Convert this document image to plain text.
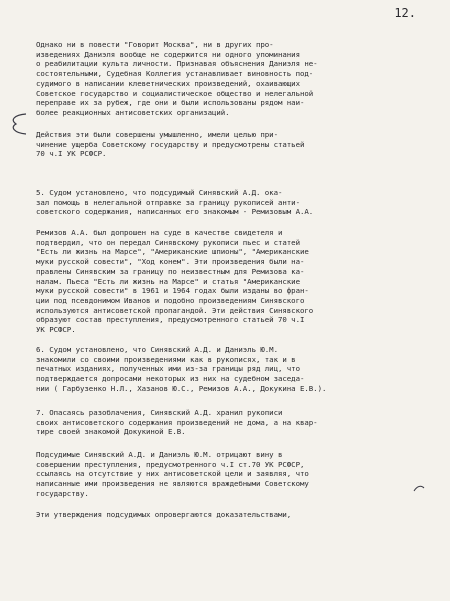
12.
Однако ни в повести "Говорит Москва", ни в других про-
изведениях Даниэля вообще не содержится ни одного упоминания
о реабилитации культа личности. Признавая объяснения Даниэля не-
состоятельными, Судебная Коллегия устанавливает виновность под-
судимого в написании клеветнических произведений, охаивающих
Советское государство и социалистическое общество и нелегальной
переправе их за рубеж, где они и были использованы рядом наи-
более реакционных антисоветских организаций.
Действия эти были совершены умышленно, имели целью при-
чинение ущерба Советскому государству и предусмотрены статьей
70 ч.I УК РСФСР.
5. Судом установлено, что подсудимый Синявский А.Д. ока-
зал помощь в нелегальной отправке за границу рукописей анти-
советского содержания, написанных его знакомым - Ремизовым А.А.
Ремизов А.А. был допрошен на суде в качестве свидетеля и
подтвердил, что он передал Синявскому рукописи пьес и статей
"Есть ли жизнь на Марсе", "Американские шпионы", "Американские
муки русской совести", "Ход конем". Эти произведения были на-
правлены Синявским за границу по неизвестным для Ремизова ка-
налам. Пьеса "Есть ли жизнь на Марсе" и статья "Американские
муки русской совести" в 1961 и 1964 годах были изданы во фран-
ции под псевдонимом Иванов и подобно произведениям Синявского
используются антисоветской пропагандой. Эти действия Синявского
образуют состав преступления, предусмотренного статьей 70 ч.I
УК РСФСР.
6. Судом установлено, что Синявский А.Д. и Даниэль Ю.М.
знакомили со своими произведениями как в рукописях, так и в
печатных изданиях, полученных ими из-за границы ряд лиц, что
подтверждается допросами некоторых из них на судебном заседа-
нии ( Гарбузенко Н.Л., Хазанов Ю.С., Ремизов А.А., Докукина Е.В.).
7. Опасаясь разоблачения, Синявский А.Д. хранил рукописи
своих антисоветского содержания произведений не дома, а на квар-
тире своей знакомой Докукиной Е.В.
Подсудимые Синявский А.Д. и Даниэль Ю.М. отрицают вину в
совершении преступления, предусмотренного ч.I ст.70 УК РСФСР,
ссылаясь на отсутствие у них антисоветской цели и заявляя, что
написанные ими произведения не являются враждебными Советскому
государству.
Эти утверждения подсудимых опровергаются доказательствами,
